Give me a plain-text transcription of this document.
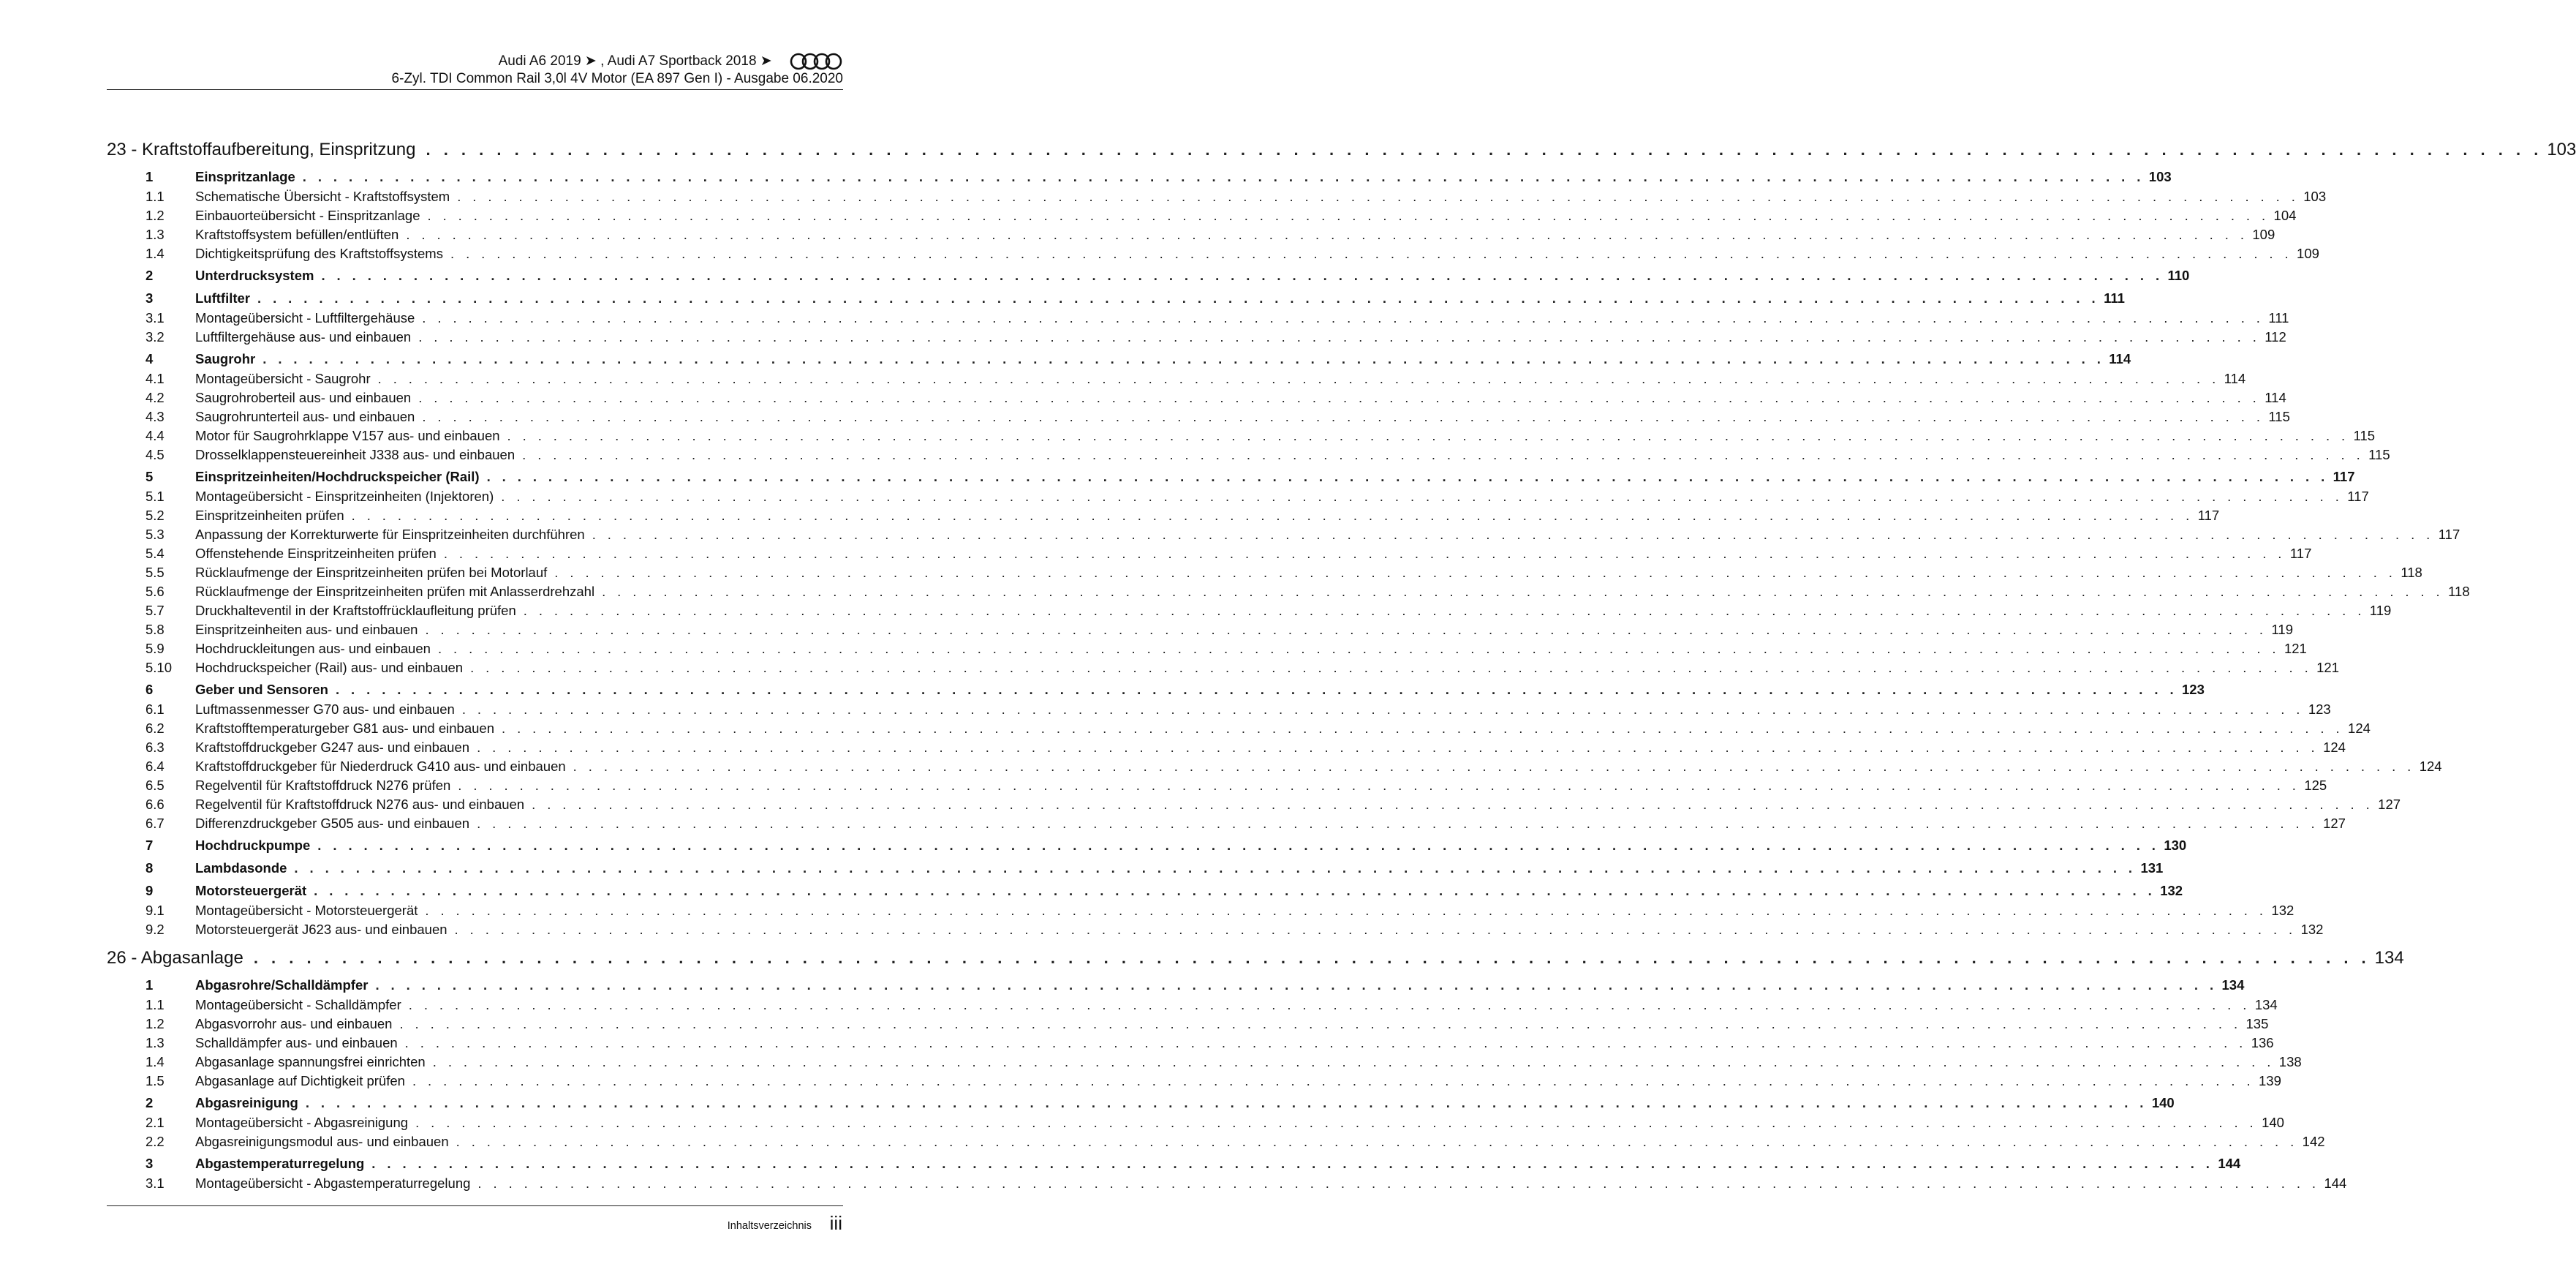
Audi A6 2019 ➤ , Audi A7 Sportback 2018 ➤
6-Zyl. TDI Common Rail 3,0l 4V Motor (EA 897 Gen I) - Ausgabe 06.2020
23 - Kraftstoffaufbereitung, Einspritzung . . . . . . . . . . . . . . . . . . . . . . . . . . . . . . . . . . . . . . . . . . . . . . . . . . . . . . . . . . . . . . . . . . . . . . . . . . . . . . . . . . . . . . . . . . . . . . . . . . . . . . . . . . . . . . . . . . . . . . . . 103
1	Einspritzanlage . . . . . . . . . . . . . . . . . . . . . . . . . . . . . . . . . . . . . . . . . . . . . . . . . . . . . . . . . . . . . . . . . . . . . . . . . . . . . . . . . . . . . . . . . . . . . . . . . . . . . . . . . . . . . . . . . . . . . . . . 103
1.1	Schematische Übersicht - Kraftstoffsystem . . . . . . . . . . . . . . . . . . . . . . . . . . . . . . . . . . . . . . . . . . . . . . . . . . . . . . . . . . . . . . . . . . . . . . . . . . . . . . . . . . . . . . . . . . . . . . . . . . . . . . . . . . . . . . . . . . . . . . . . 103
1.2	Einbauorteübersicht - Einspritzanlage . . . . . . . . . . . . . . . . . . . . . . . . . . . . . . . . . . . . . . . . . . . . . . . . . . . . . . . . . . . . . . . . . . . . . . . . . . . . . . . . . . . . . . . . . . . . . . . . . . . . . . . . . . . . . . . . . . . . . . . . 104
1.3	Kraftstoffsystem befüllen/entlüften . . . . . . . . . . . . . . . . . . . . . . . . . . . . . . . . . . . . . . . . . . . . . . . . . . . . . . . . . . . . . . . . . . . . . . . . . . . . . . . . . . . . . . . . . . . . . . . . . . . . . . . . . . . . . . . . . . . . . . . . 109
1.4	Dichtigkeitsprüfung des Kraftstoffsystems . . . . . . . . . . . . . . . . . . . . . . . . . . . . . . . . . . . . . . . . . . . . . . . . . . . . . . . . . . . . . . . . . . . . . . . . . . . . . . . . . . . . . . . . . . . . . . . . . . . . . . . . . . . . . . . . . . . . . . . . 109
2	Unterdrucksystem . . . . . . . . . . . . . . . . . . . . . . . . . . . . . . . . . . . . . . . . . . . . . . . . . . . . . . . . . . . . . . . . . . . . . . . . . . . . . . . . . . . . . . . . . . . . . . . . . . . . . . . . . . . . . . . . . . . . . . . . 110
3	Luftfilter . . . . . . . . . . . . . . . . . . . . . . . . . . . . . . . . . . . . . . . . . . . . . . . . . . . . . . . . . . . . . . . . . . . . . . . . . . . . . . . . . . . . . . . . . . . . . . . . . . . . . . . . . . . . . . . . . . . . . . . . 111
3.1	Montageübersicht - Luftfiltergehäuse . . . . . . . . . . . . . . . . . . . . . . . . . . . . . . . . . . . . . . . . . . . . . . . . . . . . . . . . . . . . . . . . . . . . . . . . . . . . . . . . . . . . . . . . . . . . . . . . . . . . . . . . . . . . . . . . . . . . . . . . 111
3.2	Luftfiltergehäuse aus- und einbauen . . . . . . . . . . . . . . . . . . . . . . . . . . . . . . . . . . . . . . . . . . . . . . . . . . . . . . . . . . . . . . . . . . . . . . . . . . . . . . . . . . . . . . . . . . . . . . . . . . . . . . . . . . . . . . . . . . . . . . . . 112
4	Saugrohr . . . . . . . . . . . . . . . . . . . . . . . . . . . . . . . . . . . . . . . . . . . . . . . . . . . . . . . . . . . . . . . . . . . . . . . . . . . . . . . . . . . . . . . . . . . . . . . . . . . . . . . . . . . . . . . . . . . . . . . . 114
4.1	Montageübersicht - Saugrohr . . . . . . . . . . . . . . . . . . . . . . . . . . . . . . . . . . . . . . . . . . . . . . . . . . . . . . . . . . . . . . . . . . . . . . . . . . . . . . . . . . . . . . . . . . . . . . . . . . . . . . . . . . . . . . . . . . . . . . . . 114
4.2	Saugrohroberteil aus- und einbauen . . . . . . . . . . . . . . . . . . . . . . . . . . . . . . . . . . . . . . . . . . . . . . . . . . . . . . . . . . . . . . . . . . . . . . . . . . . . . . . . . . . . . . . . . . . . . . . . . . . . . . . . . . . . . . . . . . . . . . . . 114
4.3	Saugrohrunterteil aus- und einbauen . . . . . . . . . . . . . . . . . . . . . . . . . . . . . . . . . . . . . . . . . . . . . . . . . . . . . . . . . . . . . . . . . . . . . . . . . . . . . . . . . . . . . . . . . . . . . . . . . . . . . . . . . . . . . . . . . . . . . . . . 115
4.4	Motor für Saugrohrklappe V157 aus- und einbauen . . . . . . . . . . . . . . . . . . . . . . . . . . . . . . . . . . . . . . . . . . . . . . . . . . . . . . . . . . . . . . . . . . . . . . . . . . . . . . . . . . . . . . . . . . . . . . . . . . . . . . . . . . . . . . . . . . . . . . . . 115
4.5	Drosselklappensteuereinheit J338 aus- und einbauen . . . . . . . . . . . . . . . . . . . . . . . . . . . . . . . . . . . . . . . . . . . . . . . . . . . . . . . . . . . . . . . . . . . . . . . . . . . . . . . . . . . . . . . . . . . . . . . . . . . . . . . . . . . . . . . . . . . . . . . . 115
5	Einspritzeinheiten/Hochdruckspeicher (Rail) . . . . . . . . . . . . . . . . . . . . . . . . . . . . . . . . . . . . . . . . . . . . . . . . . . . . . . . . . . . . . . . . . . . . . . . . . . . . . . . . . . . . . . . . . . . . . . . . . . . . . . . . . . . . . . . . . . . . . . . . 117
5.1	Montageübersicht - Einspritzeinheiten (Injektoren) . . . . . . . . . . . . . . . . . . . . . . . . . . . . . . . . . . . . . . . . . . . . . . . . . . . . . . . . . . . . . . . . . . . . . . . . . . . . . . . . . . . . . . . . . . . . . . . . . . . . . . . . . . . . . . . . . . . . . . . . 117
5.2	Einspritzeinheiten prüfen . . . . . . . . . . . . . . . . . . . . . . . . . . . . . . . . . . . . . . . . . . . . . . . . . . . . . . . . . . . . . . . . . . . . . . . . . . . . . . . . . . . . . . . . . . . . . . . . . . . . . . . . . . . . . . . . . . . . . . . . 117
5.3	Anpassung der Korrekturwerte für Einspritzeinheiten durchführen . . . . . . . . . . . . . . . . . . . . . . . . . . . . . . . . . . . . . . . . . . . . . . . . . . . . . . . . . . . . . . . . . . . . . . . . . . . . . . . . . . . . . . . . . . . . . . . . . . . . . . . . . . . . . . . . . . . . . . . . 117
5.4	Offenstehende Einspritzeinheiten prüfen . . . . . . . . . . . . . . . . . . . . . . . . . . . . . . . . . . . . . . . . . . . . . . . . . . . . . . . . . . . . . . . . . . . . . . . . . . . . . . . . . . . . . . . . . . . . . . . . . . . . . . . . . . . . . . . . . . . . . . . . 117
5.5	Rücklaufmenge der Einspritzeinheiten prüfen bei Motorlauf . . . . . . . . . . . . . . . . . . . . . . . . . . . . . . . . . . . . . . . . . . . . . . . . . . . . . . . . . . . . . . . . . . . . . . . . . . . . . . . . . . . . . . . . . . . . . . . . . . . . . . . . . . . . . . . . . . . . . . . . 118
5.6	Rücklaufmenge der Einspritzeinheiten prüfen mit Anlasserdrehzahl . . . . . . . . . . . . . . . . . . . . . . . . . . . . . . . . . . . . . . . . . . . . . . . . . . . . . . . . . . . . . . . . . . . . . . . . . . . . . . . . . . . . . . . . . . . . . . . . . . . . . . . . . . . . . . . . . . . . . . . . 118
5.7	Druckhalteventil in der Kraftstoffrücklaufleitung prüfen . . . . . . . . . . . . . . . . . . . . . . . . . . . . . . . . . . . . . . . . . . . . . . . . . . . . . . . . . . . . . . . . . . . . . . . . . . . . . . . . . . . . . . . . . . . . . . . . . . . . . . . . . . . . . . . . . . . . . . . . 119
5.8	Einspritzeinheiten aus- und einbauen . . . . . . . . . . . . . . . . . . . . . . . . . . . . . . . . . . . . . . . . . . . . . . . . . . . . . . . . . . . . . . . . . . . . . . . . . . . . . . . . . . . . . . . . . . . . . . . . . . . . . . . . . . . . . . . . . . . . . . . . 119
5.9	Hochdruckleitungen aus- und einbauen . . . . . . . . . . . . . . . . . . . . . . . . . . . . . . . . . . . . . . . . . . . . . . . . . . . . . . . . . . . . . . . . . . . . . . . . . . . . . . . . . . . . . . . . . . . . . . . . . . . . . . . . . . . . . . . . . . . . . . . . 121
5.10	Hochdruckspeicher (Rail) aus- und einbauen . . . . . . . . . . . . . . . . . . . . . . . . . . . . . . . . . . . . . . . . . . . . . . . . . . . . . . . . . . . . . . . . . . . . . . . . . . . . . . . . . . . . . . . . . . . . . . . . . . . . . . . . . . . . . . . . . . . . . . . . 121
6	Geber und Sensoren . . . . . . . . . . . . . . . . . . . . . . . . . . . . . . . . . . . . . . . . . . . . . . . . . . . . . . . . . . . . . . . . . . . . . . . . . . . . . . . . . . . . . . . . . . . . . . . . . . . . . . . . . . . . . . . . . . . . . . . . 123
6.1	Luftmassenmesser G70 aus- und einbauen . . . . . . . . . . . . . . . . . . . . . . . . . . . . . . . . . . . . . . . . . . . . . . . . . . . . . . . . . . . . . . . . . . . . . . . . . . . . . . . . . . . . . . . . . . . . . . . . . . . . . . . . . . . . . . . . . . . . . . . . 123
6.2	Kraftstofftemperaturgeber G81 aus- und einbauen . . . . . . . . . . . . . . . . . . . . . . . . . . . . . . . . . . . . . . . . . . . . . . . . . . . . . . . . . . . . . . . . . . . . . . . . . . . . . . . . . . . . . . . . . . . . . . . . . . . . . . . . . . . . . . . . . . . . . . . . 124
6.3	Kraftstoffdruckgeber G247 aus- und einbauen . . . . . . . . . . . . . . . . . . . . . . . . . . . . . . . . . . . . . . . . . . . . . . . . . . . . . . . . . . . . . . . . . . . . . . . . . . . . . . . . . . . . . . . . . . . . . . . . . . . . . . . . . . . . . . . . . . . . . . . . 124
6.4	Kraftstoffdruckgeber für Niederdruck G410 aus- und einbauen . . . . . . . . . . . . . . . . . . . . . . . . . . . . . . . . . . . . . . . . . . . . . . . . . . . . . . . . . . . . . . . . . . . . . . . . . . . . . . . . . . . . . . . . . . . . . . . . . . . . . . . . . . . . . . . . . . . . . . . . 124
6.5	Regelventil für Kraftstoffdruck N276 prüfen . . . . . . . . . . . . . . . . . . . . . . . . . . . . . . . . . . . . . . . . . . . . . . . . . . . . . . . . . . . . . . . . . . . . . . . . . . . . . . . . . . . . . . . . . . . . . . . . . . . . . . . . . . . . . . . . . . . . . . . . 125
6.6	Regelventil für Kraftstoffdruck N276 aus- und einbauen . . . . . . . . . . . . . . . . . . . . . . . . . . . . . . . . . . . . . . . . . . . . . . . . . . . . . . . . . . . . . . . . . . . . . . . . . . . . . . . . . . . . . . . . . . . . . . . . . . . . . . . . . . . . . . . . . . . . . . . . 127
6.7	Differenzdruckgeber G505 aus- und einbauen . . . . . . . . . . . . . . . . . . . . . . . . . . . . . . . . . . . . . . . . . . . . . . . . . . . . . . . . . . . . . . . . . . . . . . . . . . . . . . . . . . . . . . . . . . . . . . . . . . . . . . . . . . . . . . . . . . . . . . . . 127
7	Hochdruckpumpe . . . . . . . . . . . . . . . . . . . . . . . . . . . . . . . . . . . . . . . . . . . . . . . . . . . . . . . . . . . . . . . . . . . . . . . . . . . . . . . . . . . . . . . . . . . . . . . . . . . . . . . . . . . . . . . . . . . . . . . . 130
8	Lambdasonde . . . . . . . . . . . . . . . . . . . . . . . . . . . . . . . . . . . . . . . . . . . . . . . . . . . . . . . . . . . . . . . . . . . . . . . . . . . . . . . . . . . . . . . . . . . . . . . . . . . . . . . . . . . . . . . . . . . . . . . . 131
9	Motorsteuergerät . . . . . . . . . . . . . . . . . . . . . . . . . . . . . . . . . . . . . . . . . . . . . . . . . . . . . . . . . . . . . . . . . . . . . . . . . . . . . . . . . . . . . . . . . . . . . . . . . . . . . . . . . . . . . . . . . . . . . . . . 132
9.1	Montageübersicht - Motorsteuergerät . . . . . . . . . . . . . . . . . . . . . . . . . . . . . . . . . . . . . . . . . . . . . . . . . . . . . . . . . . . . . . . . . . . . . . . . . . . . . . . . . . . . . . . . . . . . . . . . . . . . . . . . . . . . . . . . . . . . . . . . 132
9.2	Motorsteuergerät J623 aus- und einbauen . . . . . . . . . . . . . . . . . . . . . . . . . . . . . . . . . . . . . . . . . . . . . . . . . . . . . . . . . . . . . . . . . . . . . . . . . . . . . . . . . . . . . . . . . . . . . . . . . . . . . . . . . . . . . . . . . . . . . . . . 132
26 - Abgasanlage . . . . . . . . . . . . . . . . . . . . . . . . . . . . . . . . . . . . . . . . . . . . . . . . . . . . . . . . . . . . . . . . . . . . . . . . . . . . . . . . . . . . . . . . . . . . . . . . . . . . . . . . . . . . . . . . . . . . . . . . 134
1	Abgasrohre/Schalldämpfer . . . . . . . . . . . . . . . . . . . . . . . . . . . . . . . . . . . . . . . . . . . . . . . . . . . . . . . . . . . . . . . . . . . . . . . . . . . . . . . . . . . . . . . . . . . . . . . . . . . . . . . . . . . . . . . . . . . . . . . . 134
1.1	Montageübersicht - Schalldämpfer . . . . . . . . . . . . . . . . . . . . . . . . . . . . . . . . . . . . . . . . . . . . . . . . . . . . . . . . . . . . . . . . . . . . . . . . . . . . . . . . . . . . . . . . . . . . . . . . . . . . . . . . . . . . . . . . . . . . . . . . 134
1.2	Abgasvorrohr aus- und einbauen . . . . . . . . . . . . . . . . . . . . . . . . . . . . . . . . . . . . . . . . . . . . . . . . . . . . . . . . . . . . . . . . . . . . . . . . . . . . . . . . . . . . . . . . . . . . . . . . . . . . . . . . . . . . . . . . . . . . . . . . 135
1.3	Schalldämpfer aus- und einbauen . . . . . . . . . . . . . . . . . . . . . . . . . . . . . . . . . . . . . . . . . . . . . . . . . . . . . . . . . . . . . . . . . . . . . . . . . . . . . . . . . . . . . . . . . . . . . . . . . . . . . . . . . . . . . . . . . . . . . . . . 136
1.4	Abgasanlage spannungsfrei einrichten . . . . . . . . . . . . . . . . . . . . . . . . . . . . . . . . . . . . . . . . . . . . . . . . . . . . . . . . . . . . . . . . . . . . . . . . . . . . . . . . . . . . . . . . . . . . . . . . . . . . . . . . . . . . . . . . . . . . . . . . 138
1.5	Abgasanlage auf Dichtigkeit prüfen . . . . . . . . . . . . . . . . . . . . . . . . . . . . . . . . . . . . . . . . . . . . . . . . . . . . . . . . . . . . . . . . . . . . . . . . . . . . . . . . . . . . . . . . . . . . . . . . . . . . . . . . . . . . . . . . . . . . . . . . 139
2	Abgasreinigung . . . . . . . . . . . . . . . . . . . . . . . . . . . . . . . . . . . . . . . . . . . . . . . . . . . . . . . . . . . . . . . . . . . . . . . . . . . . . . . . . . . . . . . . . . . . . . . . . . . . . . . . . . . . . . . . . . . . . . . . 140
2.1	Montageübersicht - Abgasreinigung . . . . . . . . . . . . . . . . . . . . . . . . . . . . . . . . . . . . . . . . . . . . . . . . . . . . . . . . . . . . . . . . . . . . . . . . . . . . . . . . . . . . . . . . . . . . . . . . . . . . . . . . . . . . . . . . . . . . . . . . 140
2.2	Abgasreinigungsmodul aus- und einbauen . . . . . . . . . . . . . . . . . . . . . . . . . . . . . . . . . . . . . . . . . . . . . . . . . . . . . . . . . . . . . . . . . . . . . . . . . . . . . . . . . . . . . . . . . . . . . . . . . . . . . . . . . . . . . . . . . . . . . . . . 142
3	Abgastemperaturregelung . . . . . . . . . . . . . . . . . . . . . . . . . . . . . . . . . . . . . . . . . . . . . . . . . . . . . . . . . . . . . . . . . . . . . . . . . . . . . . . . . . . . . . . . . . . . . . . . . . . . . . . . . . . . . . . . . . . . . . . . 144
3.1	Montageübersicht - Abgastemperaturregelung . . . . . . . . . . . . . . . . . . . . . . . . . . . . . . . . . . . . . . . . . . . . . . . . . . . . . . . . . . . . . . . . . . . . . . . . . . . . . . . . . . . . . . . . . . . . . . . . . . . . . . . . . . . . . . . . . . . . . . . . 144
Inhaltsverzeichnis iii
